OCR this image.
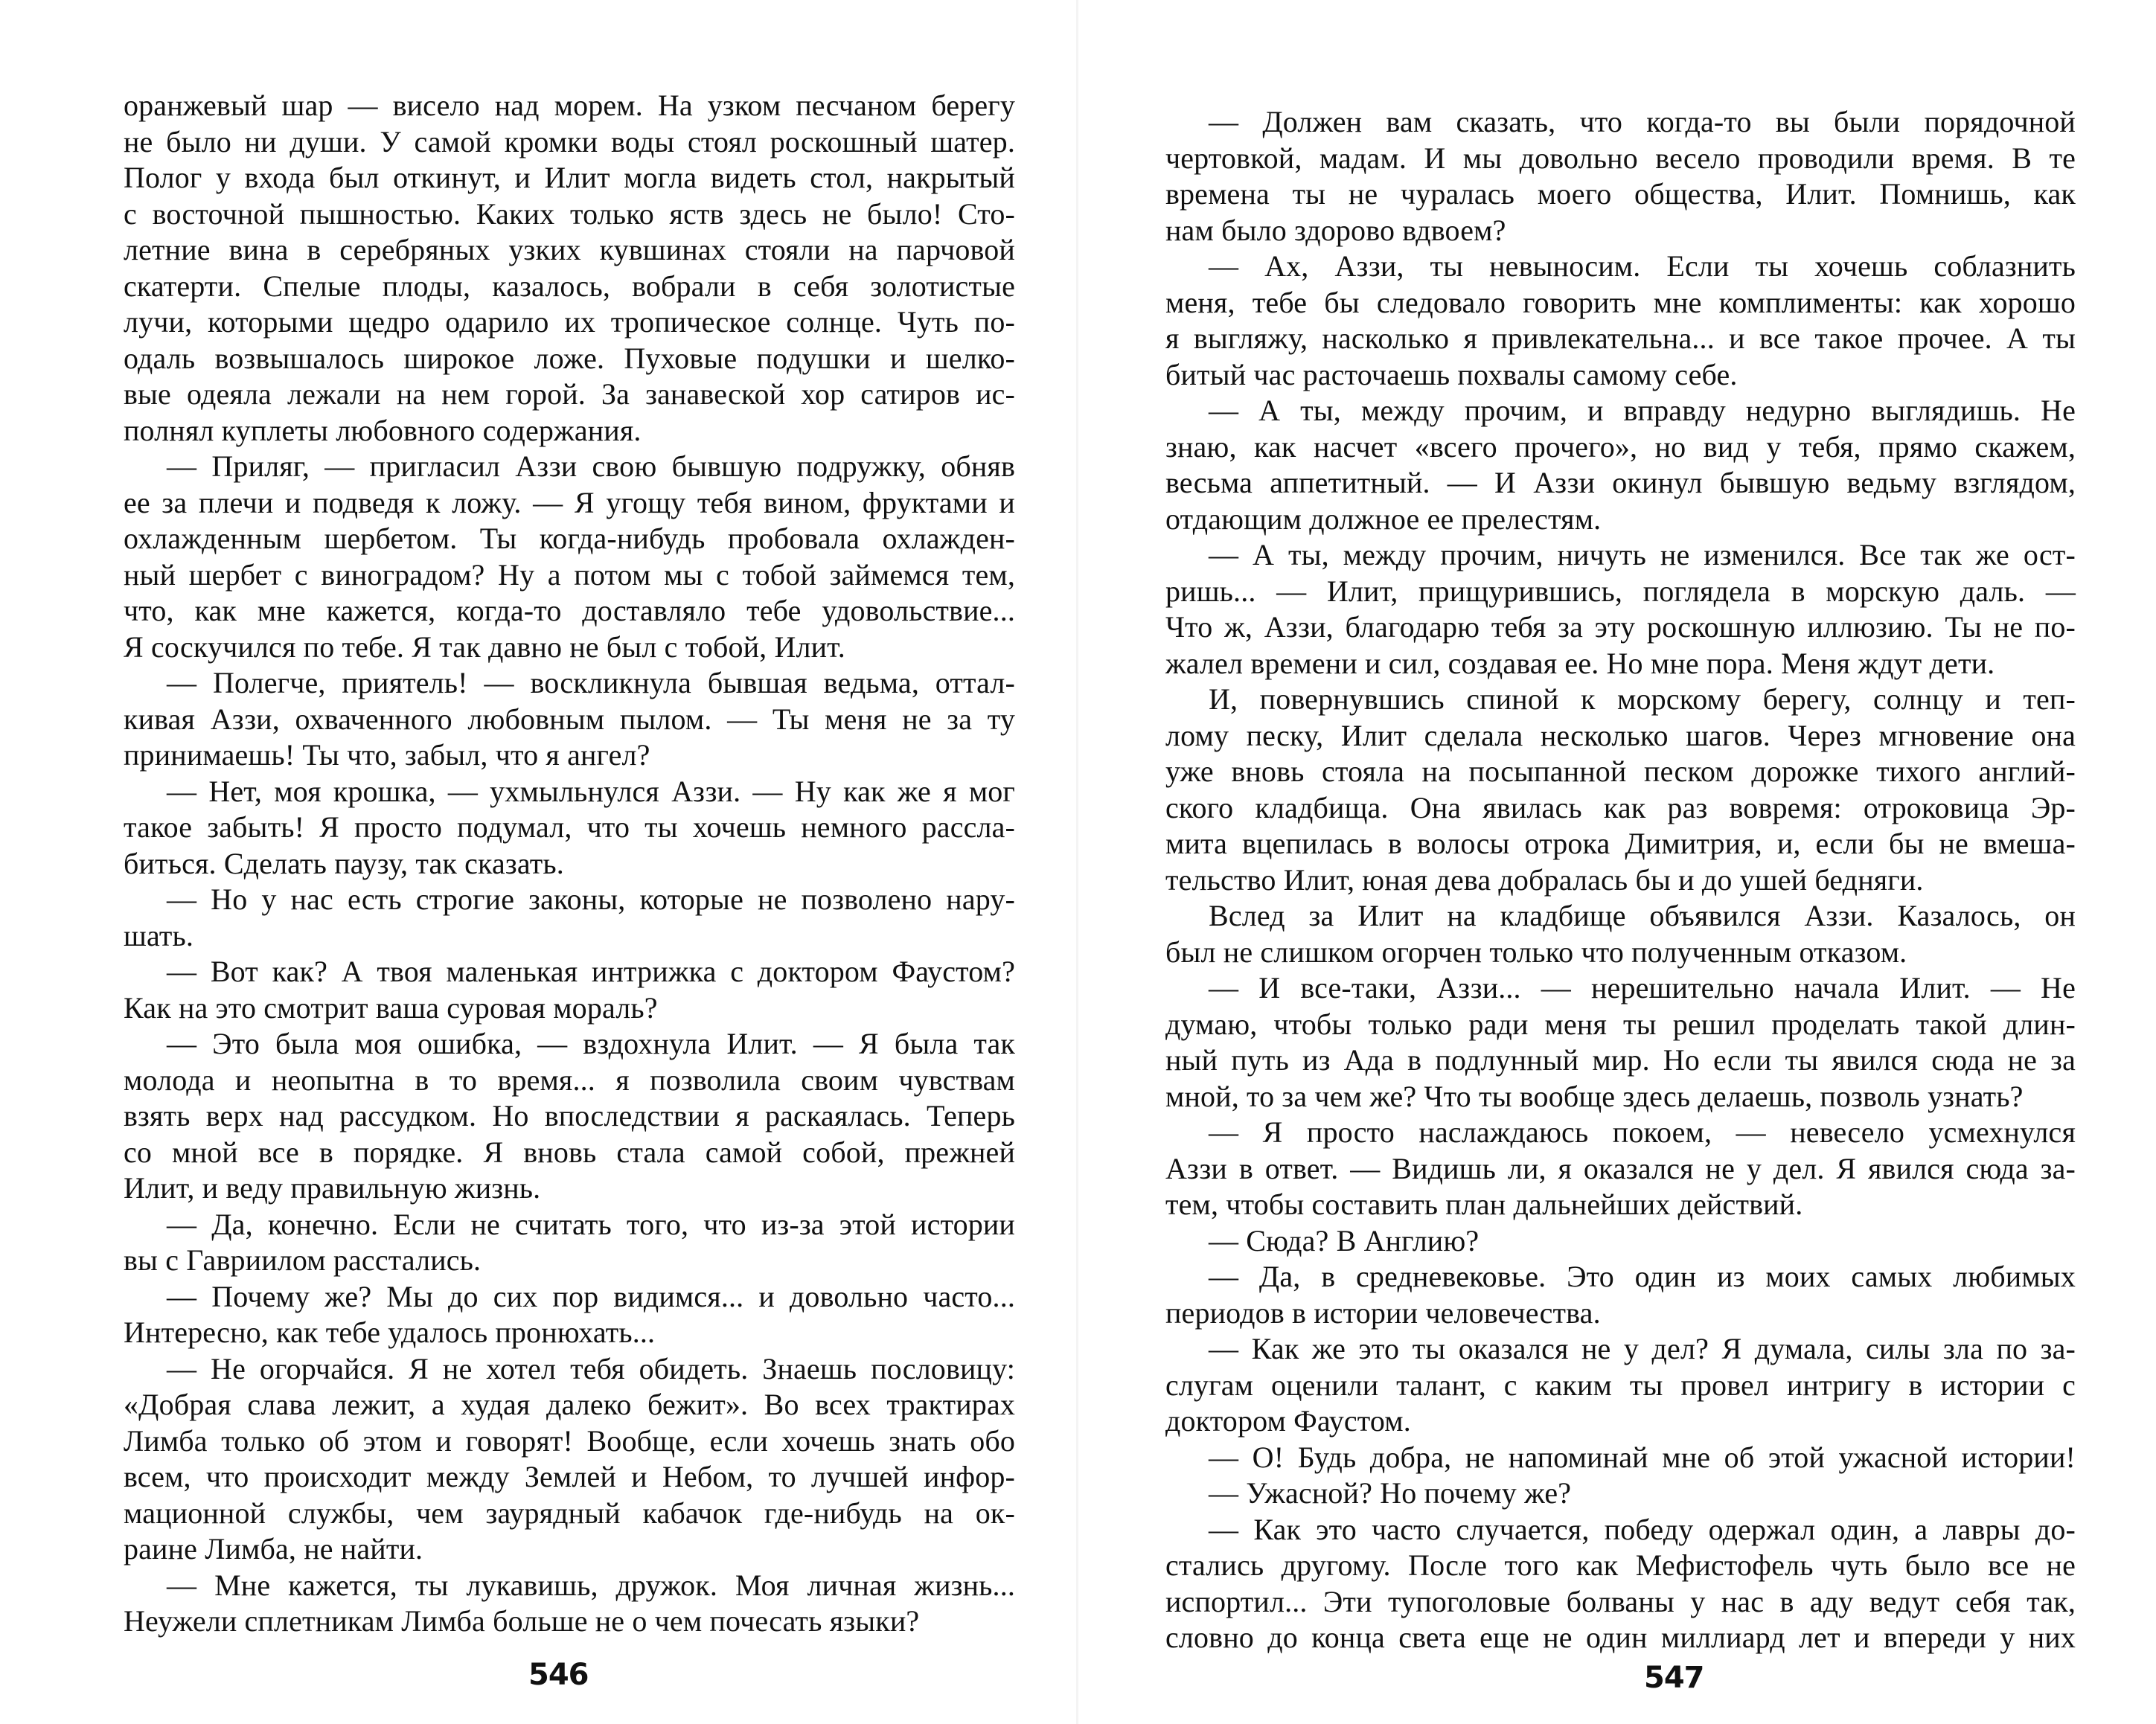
оранжевый шар — висело над морем. На узком песчаном берегу
не было ни души. У самой кромки воды стоял роскошный шатер.
Полог у входа был откинут, и Илит могла видеть стол, накрытый
с восточной пышностью. Каких только яств здесь не было! Сто-
летние вина в серебряных узких кувшинах стояли на парчовой
скатерти. Спелые плоды, казалось, вобрали в себя золотистые
лучи, которыми щедро одарило их тропическое солнце. Чуть по-
одаль возвышалось широкое ложе. Пуховые подушки и шелко-
вые одеяла лежали на нем горой. За занавеской хор сатиров ис-
полнял куплеты любовного содержания.
— Приляг, — пригласил Аззи свою бывшую подружку, обняв
ее за плечи и подведя к ложу. — Я угощу тебя вином, фруктами и
охлажденным шербетом. Ты когда-нибудь пробовала охлажден-
ный шербет с виноградом? Ну а потом мы с тобой займемся тем,
что, как мне кажется, когда-то доставляло тебе удовольствие...
Я соскучился по тебе. Я так давно не был с тобой, Илит.
— Полегче, приятель! — воскликнула бывшая ведьма, оттал-
кивая Аззи, охваченного любовным пылом. — Ты меня не за ту
принимаешь! Ты что, забыл, что я ангел?
— Нет, моя крошка, — ухмыльнулся Аззи. — Ну как же я мог
такое забыть! Я просто подумал, что ты хочешь немного рассла-
биться. Сделать паузу, так сказать.
— Но у нас есть строгие законы, которые не позволено нару-
шать.
— Вот как? А твоя маленькая интрижка с доктором Фаустом?
Как на это смотрит ваша суровая мораль?
— Это была моя ошибка, — вздохнула Илит. — Я была так
молода и неопытна в то время... я позволила своим чувствам
взять верх над рассудком. Но впоследствии я раскаялась. Теперь
со мной все в порядке. Я вновь стала самой собой, прежней
Илит, и веду правильную жизнь.
— Да, конечно. Если не считать того, что из-за этой истории
вы с Гавриилом расстались.
— Почему же? Мы до сих пор видимся... и довольно часто...
Интересно, как тебе удалось пронюхать...
— Не огорчайся. Я не хотел тебя обидеть. Знаешь пословицу:
«Добрая слава лежит, а худая далеко бежит». Во всех трактирах
Лимба только об этом и говорят! Вообще, если хочешь знать обо
всем, что происходит между Землей и Небом, то лучшей инфор-
мационной службы, чем заурядный кабачок где-нибудь на ок-
раине Лимба, не найти.
— Мне кажется, ты лукавишь, дружок. Моя личная жизнь...
Неужели сплетникам Лимба больше не о чем почесать языки?
546
— Должен вам сказать, что когда-то вы были порядочной
чертовкой, мадам. И мы довольно весело проводили время. В те
времена ты не чуралась моего общества, Илит. Помнишь, как
нам было здорово вдвоем?
— Ах, Аззи, ты невыносим. Если ты хочешь соблазнить
меня, тебе бы следовало говорить мне комплименты: как хорошо
я выгляжу, насколько я привлекательна... и все такое прочее. А ты
битый час расточаешь похвалы самому себе.
— А ты, между прочим, и вправду недурно выглядишь. Не
знаю, как насчет «всего прочего», но вид у тебя, прямо скажем,
весьма аппетитный. — И Аззи окинул бывшую ведьму взглядом,
отдающим должное ее прелестям.
— А ты, между прочим, ничуть не изменился. Все так же ост-
ришь... — Илит, прищурившись, поглядела в морскую даль. —
Что ж, Аззи, благодарю тебя за эту роскошную иллюзию. Ты не по-
жалел времени и сил, создавая ее. Но мне пора. Меня ждут дети.
И, повернувшись спиной к морскому берегу, солнцу и теп-
лому песку, Илит сделала несколько шагов. Через мгновение она
уже вновь стояла на посыпанной песком дорожке тихого англий-
ского кладбища. Она явилась как раз вовремя: отроковица Эр-
мита вцепилась в волосы отрока Димитрия, и, если бы не вмеша-
тельство Илит, юная дева добралась бы и до ушей бедняги.
Вслед за Илит на кладбище объявился Аззи. Казалось, он
был не слишком огорчен только что полученным отказом.
— И все-таки, Аззи... — нерешительно начала Илит. — Не
думаю, чтобы только ради меня ты решил проделать такой длин-
ный путь из Ада в подлунный мир. Но если ты явился сюда не за
мной, то за чем же? Что ты вообще здесь делаешь, позволь узнать?
— Я просто наслаждаюсь покоем, — невесело усмехнулся
Аззи в ответ. — Видишь ли, я оказался не у дел. Я явился сюда за-
тем, чтобы составить план дальнейших действий.
— Сюда? В Англию?
— Да, в средневековье. Это один из моих самых любимых
периодов в истории человечества.
— Как же это ты оказался не у дел? Я думала, силы зла по за-
слугам оценили талант, с каким ты провел интригу в истории с
доктором Фаустом.
— О! Будь добра, не напоминай мне об этой ужасной истории!
— Ужасной? Но почему же?
— Как это часто случается, победу одержал один, а лавры до-
стались другому. После того как Мефистофель чуть было все не
испортил... Эти тупоголовые болваны у нас в аду ведут себя так,
словно до конца света еще не один миллиард лет и впереди у них
547
